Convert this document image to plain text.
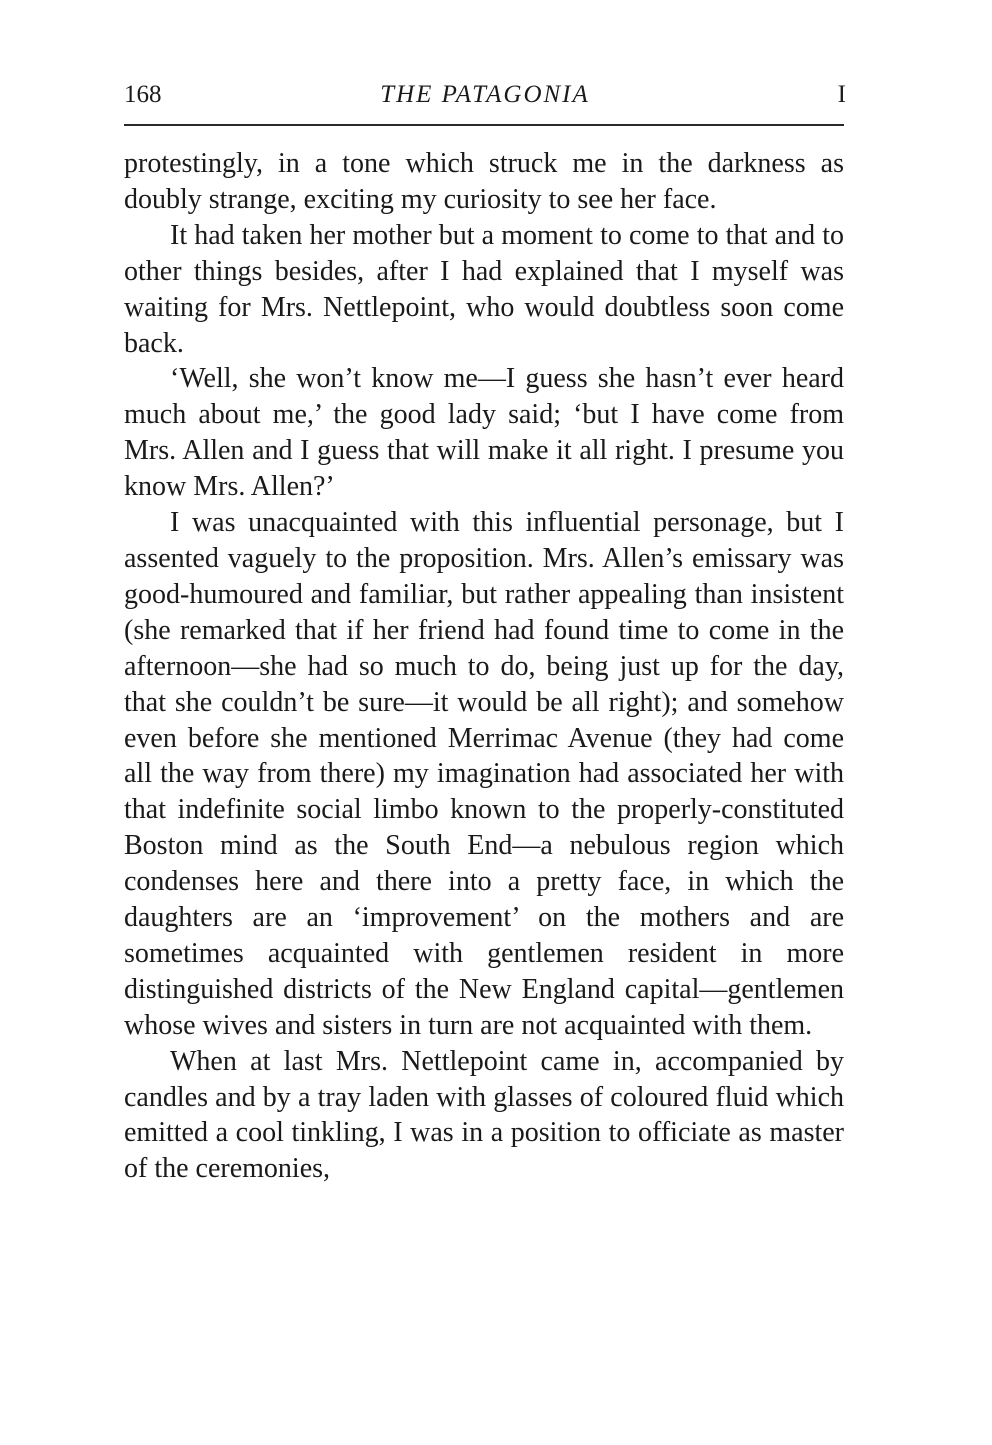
168	THE PATAGONIA	I

protestingly, in a tone which struck me in the darkness as doubly strange, exciting my curiosity to see her face.

It had taken her mother but a moment to come to that and to other things besides, after I had explained that I myself was waiting for Mrs. Nettlepoint, who would doubtless soon come back.

‘Well, she won’t know me—I guess she hasn’t ever heard much about me,’ the good lady said; ‘but I have come from Mrs. Allen and I guess that will make it all right. I presume you know Mrs. Allen?’

I was unacquainted with this influential personage, but I assented vaguely to the proposition. Mrs. Allen’s emissary was good-humoured and familiar, but rather appealing than insistent (she remarked that if her friend had found time to come in the afternoon—she had so much to do, being just up for the day, that she couldn’t be sure—it would be all right); and somehow even before she mentioned Merrimac Avenue (they had come all the way from there) my imagination had associated her with that indefinite social limbo known to the properly-constituted Boston mind as the South End—a nebulous region which condenses here and there into a pretty face, in which the daughters are an ‘improvement’ on the mothers and are sometimes acquainted with gentlemen resident in more distinguished districts of the New England capital—gentlemen whose wives and sisters in turn are not acquainted with them.

When at last Mrs. Nettlepoint came in, accompanied by candles and by a tray laden with glasses of coloured fluid which emitted a cool tinkling, I was in a position to officiate as master of the ceremonies,
